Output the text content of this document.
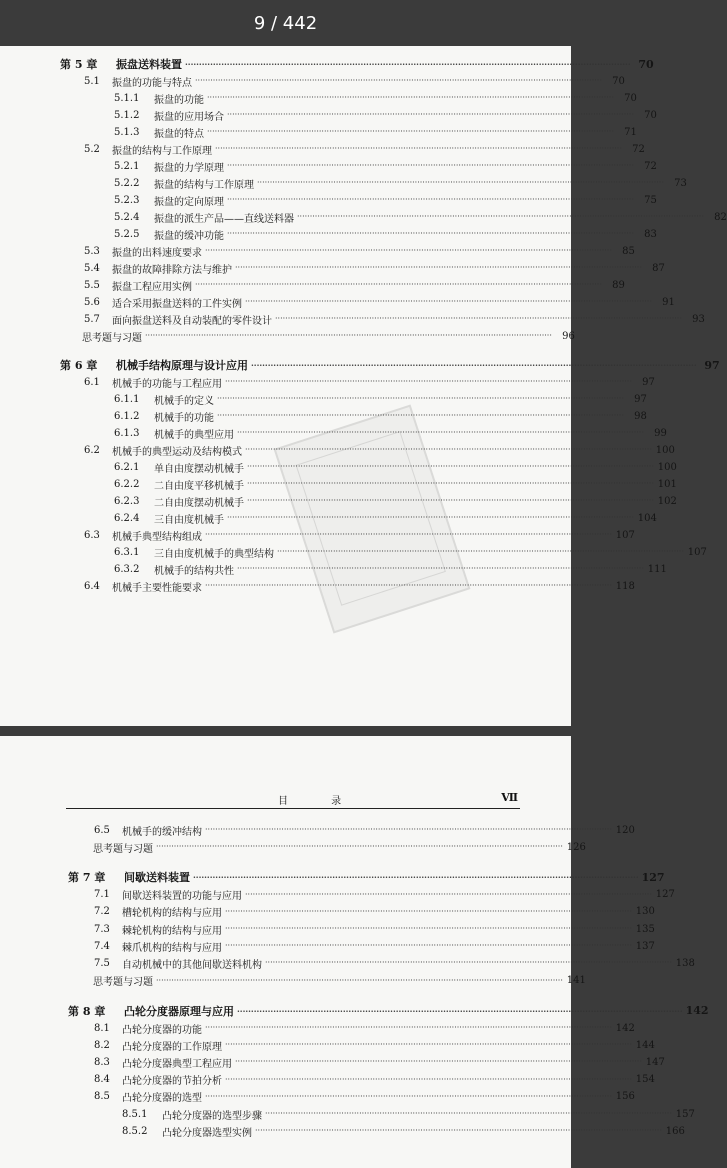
9 / 442
第 5 章	振盘送料装置 ································································································································································ 70
5.1	振盘的功能与特点 ································································································································································	70
5.1.1	振盘的功能 ································································································································································	70
5.1.2	振盘的应用场合 ································································································································································	70
5.1.3	振盘的特点 ································································································································································	71
5.2	振盘的结构与工作原理 ································································································································································	72
5.2.1	振盘的力学原理 ································································································································································	72
5.2.2	振盘的结构与工作原理 ································································································································································	73
5.2.3	振盘的定向原理 ································································································································································	75
5.2.4	振盘的派生产品——直线送料器 ································································································································································	82
5.2.5	振盘的缓冲功能 ································································································································································	83
5.3	振盘的出料速度要求 ································································································································································	85
5.4	振盘的故障排除方法与维护 ································································································································································	87
5.5	振盘工程应用实例 ································································································································································	89
5.6	适合采用振盘送料的工件实例 ································································································································································	91
5.7	面向振盘送料及自动装配的零件设计 ································································································································································	93
思考题与习题 ································································································································································	96
第 6 章	机械手结构原理与设计应用 ································································································································································ 97
6.1	机械手的功能与工程应用 ································································································································································	97
6.1.1	机械手的定义 ································································································································································	97
6.1.2	机械手的功能 ································································································································································	98
6.1.3	机械手的典型应用 ································································································································································	99
6.2	机械手的典型运动及结构模式 ································································································································································ 100
6.2.1	单自由度摆动机械手 ································································································································································ 100
6.2.2	二自由度平移机械手 ································································································································································ 101
6.2.3	二自由度摆动机械手 ································································································································································ 102
6.2.4	三自由度机械手 ································································································································································ 104
6.3	机械手典型结构组成 ································································································································································ 107
6.3.1	三自由度机械手的典型结构 ································································································································································ 107
6.3.2	机械手的结构共性 ································································································································································ 111
6.4	机械手主要性能要求 ································································································································································ 118
目 录	Ⅶ
6.5	机械手的缓冲结构 ································································································································································ 120
思考题与习题 ································································································································································ 126
第 7 章	间歇送料装置 ································································································································································ 127
7.1	间歇送料装置的功能与应用 ································································································································································ 127
7.2	槽轮机构的结构与应用 ································································································································································ 130
7.3	棘轮机构的结构与应用 ································································································································································ 135
7.4	棘爪机构的结构与应用 ································································································································································ 137
7.5	自动机械中的其他间歇送料机构 ································································································································································ 138
思考题与习题 ································································································································································ 141
第 8 章	凸轮分度器原理与应用 ································································································································································ 142
8.1	凸轮分度器的功能 ································································································································································ 142
8.2	凸轮分度器的工作原理 ································································································································································ 144
8.3	凸轮分度器典型工程应用 ································································································································································ 147
8.4	凸轮分度器的节拍分析 ································································································································································ 154
8.5	凸轮分度器的选型 ································································································································································ 156
8.5.1	凸轮分度器的选型步骤 ································································································································································ 157
8.5.2	凸轮分度器选型实例 ································································································································································ 166
